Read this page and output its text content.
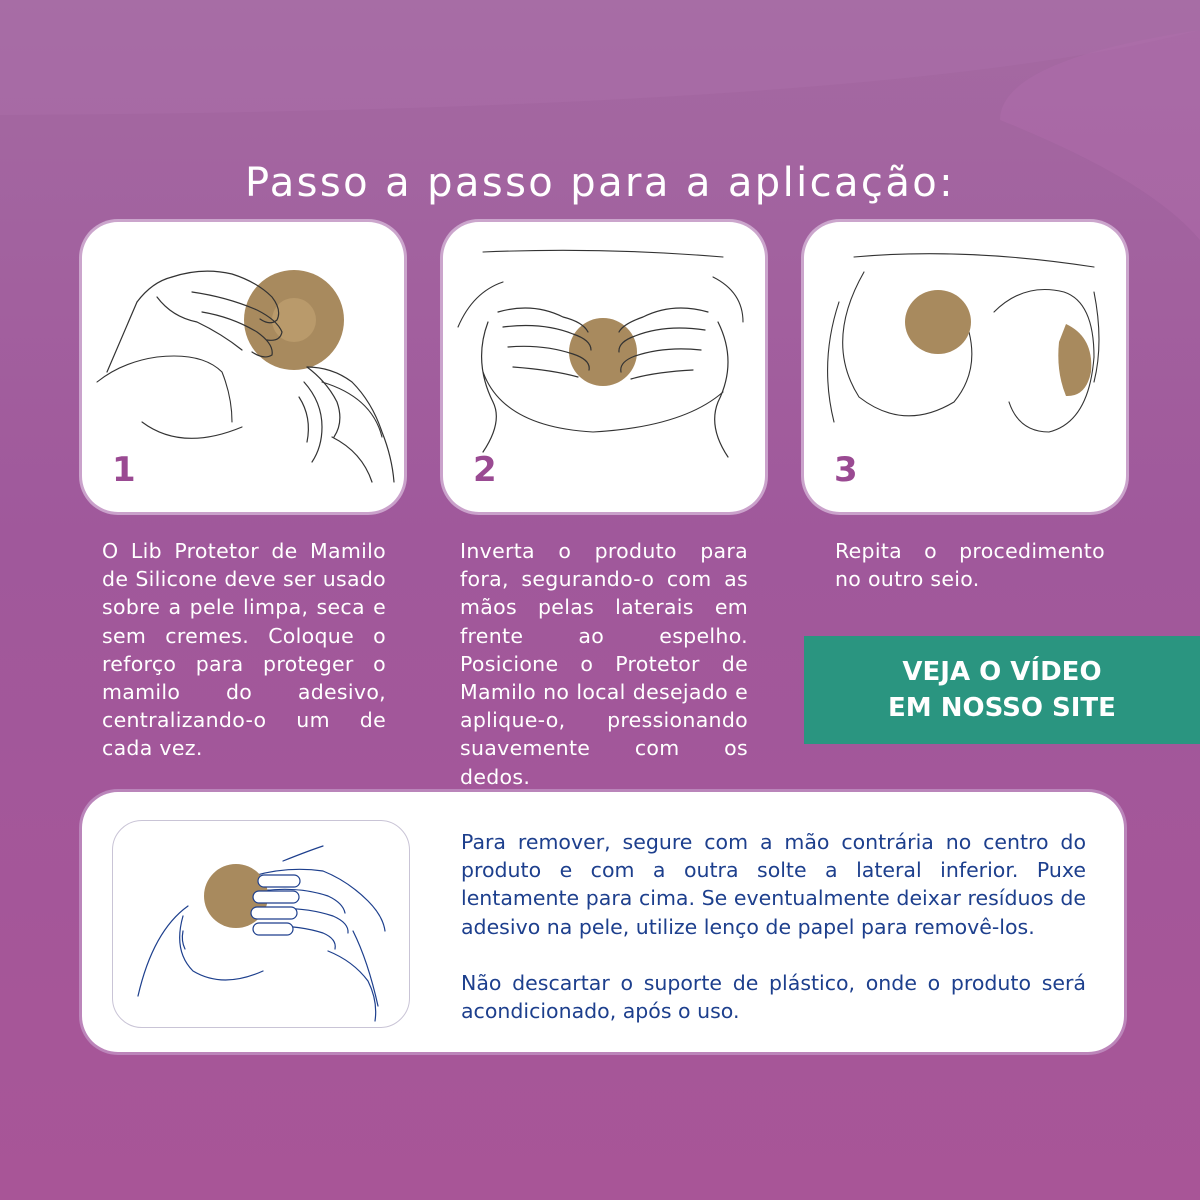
Passo a passo para a aplicação:
1	2	3

O Lib Protetor de Mamilo de Silicone deve ser usado sobre a pele limpa, seca e sem cremes. Coloque o reforço para proteger o mamilo do adesivo, centralizando-o um de cada vez.

Inverta o produto para fora, segurando-o com as mãos pelas laterais em frente ao espelho. Posicione o Protetor de Mamilo no local desejado e aplique-o, pressionando suavemente com os dedos.

Repita o procedimento no outro seio.

VEJA O VÍDEO
EM NOSSO SITE

Para remover, segure com a mão contrária no centro do produto e com a outra solte a lateral inferior. Puxe lentamente para cima. Se eventualmente deixar resíduos de adesivo na pele, utilize lenço de papel para removê-los.

Não descartar o suporte de plástico, onde o produto será acondicionado, após o uso.
